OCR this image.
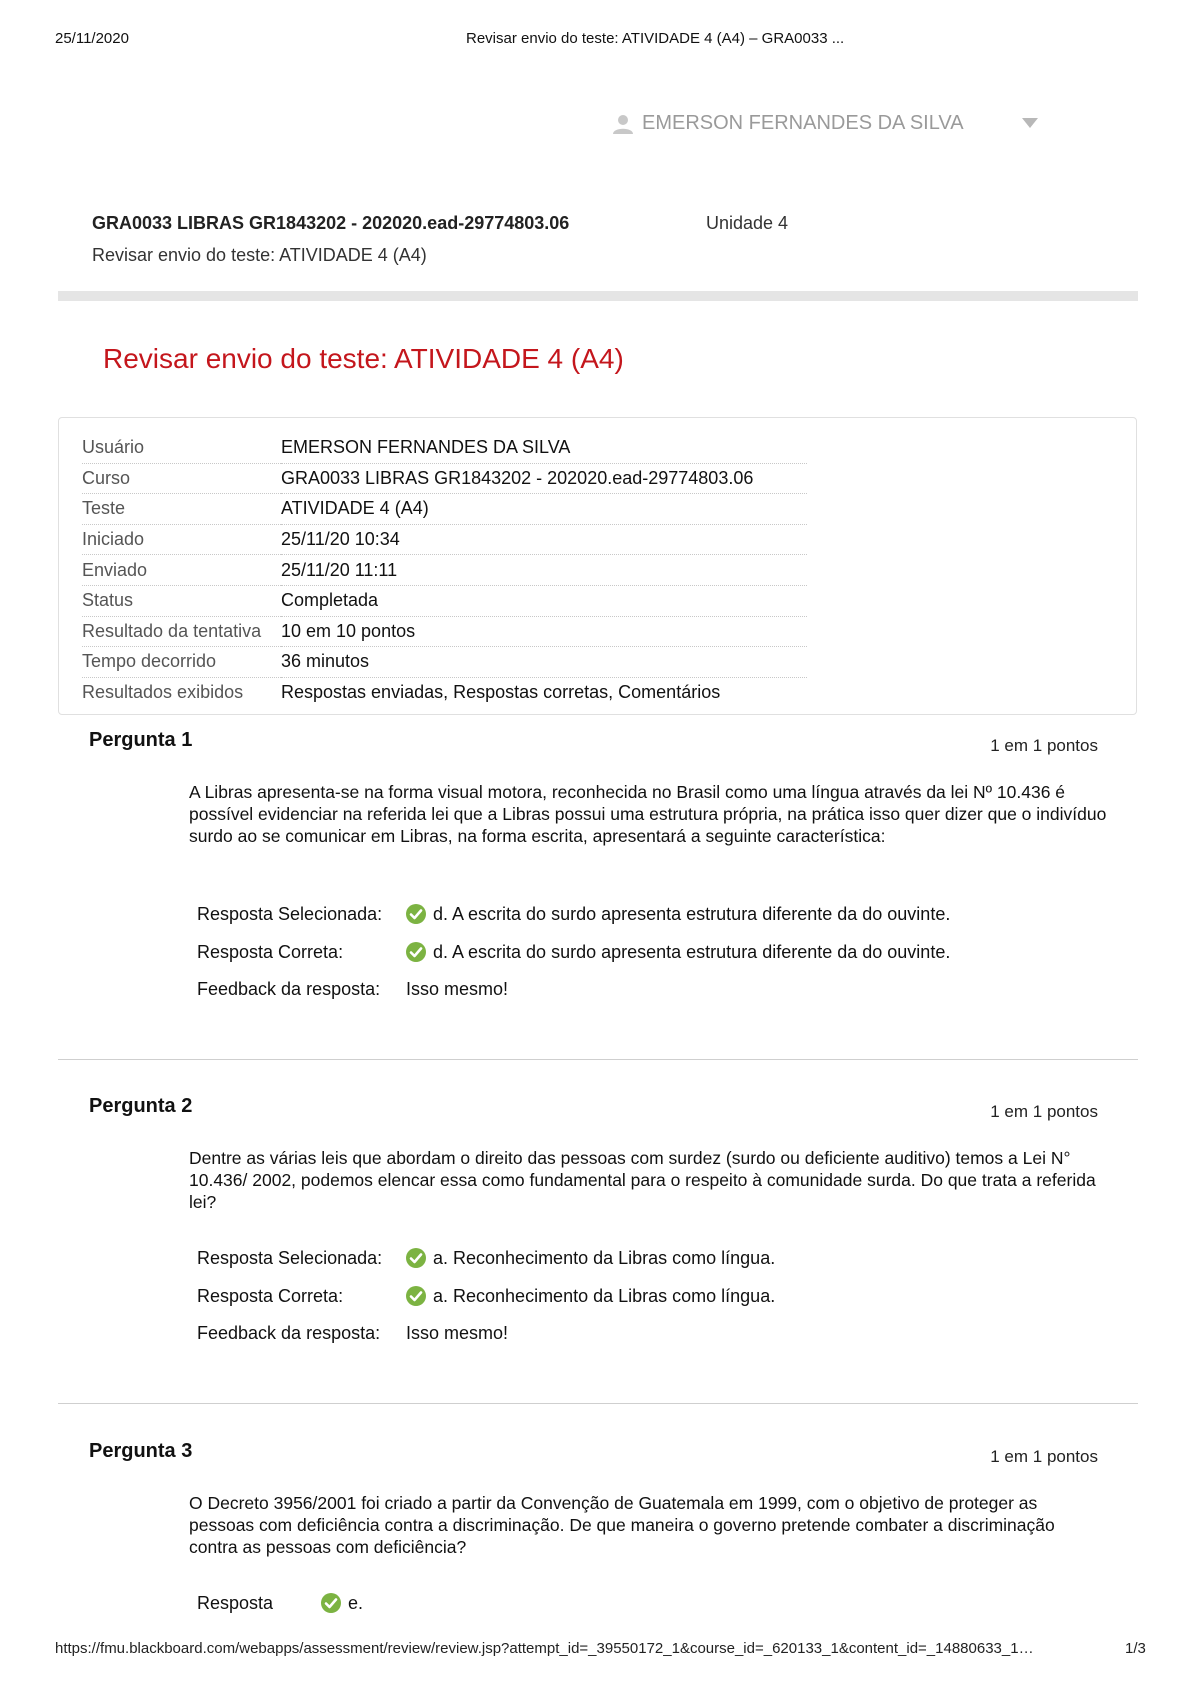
25/11/2020	Revisar envio do teste: ATIVIDADE 4 (A4) – GRA0033 ...
EMERSON FERNANDES DA SILVA
GRA0033 LIBRAS GR1843202 - 202020.ead-29774803.06	Unidade 4
Revisar envio do teste: ATIVIDADE 4 (A4)
Revisar envio do teste: ATIVIDADE 4 (A4)
Usuário	EMERSON FERNANDES DA SILVA
Curso	GRA0033 LIBRAS GR1843202 - 202020.ead-29774803.06
Teste	ATIVIDADE 4 (A4)
Iniciado	25/11/20 10:34
Enviado	25/11/20 11:11
Status	Completada
Resultado da tentativa	10 em 10 pontos
Tempo decorrido	36 minutos
Resultados exibidos	Respostas enviadas, Respostas corretas, Comentários
Pergunta 1	1 em 1 pontos
A Libras apresenta-se na forma visual motora, reconhecida no Brasil como uma língua através da lei Nº 10.436 é possível evidenciar na referida lei que a Libras possui uma estrutura própria, na prática isso quer dizer que o indivíduo surdo ao se comunicar em Libras, na forma escrita, apresentará a seguinte característica:
Resposta Selecionada:	d. A escrita do surdo apresenta estrutura diferente da do ouvinte.
Resposta Correta:	d. A escrita do surdo apresenta estrutura diferente da do ouvinte.
Feedback da resposta:	Isso mesmo!
Pergunta 2	1 em 1 pontos
Dentre as várias leis que abordam o direito das pessoas com surdez (surdo ou deficiente auditivo) temos a Lei N° 10.436/ 2002, podemos elencar essa como fundamental para o respeito à comunidade surda. Do que trata a referida lei?
Resposta Selecionada:	a. Reconhecimento da Libras como língua.
Resposta Correta:	a. Reconhecimento da Libras como língua.
Feedback da resposta:	Isso mesmo!
Pergunta 3	1 em 1 pontos
O Decreto 3956/2001 foi criado a partir da Convenção de Guatemala em 1999, com o objetivo de proteger as pessoas com deficiência contra a discriminação. De que maneira o governo pretende combater a discriminação contra as pessoas com deficiência?
Resposta	e.
https://fmu.blackboard.com/webapps/assessment/review/review.jsp?attempt_id=_39550172_1&course_id=_620133_1&content_id=_14880633_1…	1/3
